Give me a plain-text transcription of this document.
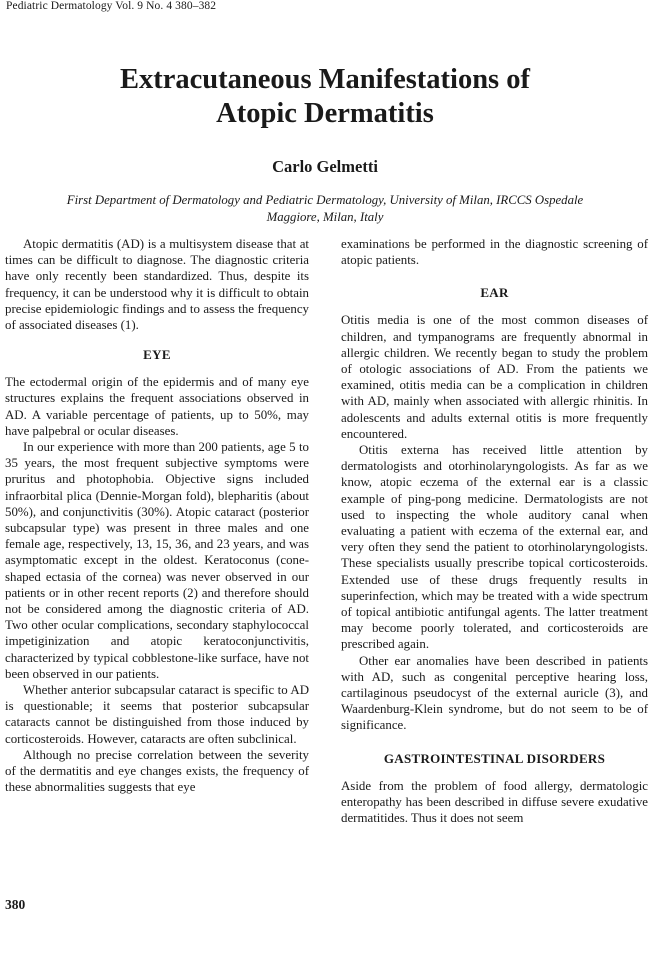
Pediatric Dermatology Vol. 9 No. 4 380–382
Extracutaneous Manifestations of
Atopic Dermatitis
Carlo Gelmetti
First Department of Dermatology and Pediatric Dermatology, University of Milan, IRCCS Ospedale
Maggiore, Milan, Italy

Atopic dermatitis (AD) is a multisystem disease that at times can be difficult to diagnose. The diagnostic criteria have only recently been standardized. Thus, despite its frequency, it can be understood why it is difficult to obtain precise epidemiologic findings and to assess the frequency of associated diseases (1).

EYE

The ectodermal origin of the epidermis and of many eye structures explains the frequent associations observed in AD. A variable percentage of patients, up to 50%, may have palpebral or ocular diseases.

In our experience with more than 200 patients, age 5 to 35 years, the most frequent subjective symptoms were pruritus and photophobia. Objective signs included infraorbital plica (Dennie-Morgan fold), blepharitis (about 50%), and conjunctivitis (30%). Atopic cataract (posterior subcapsular type) was present in three males and one female age, respectively, 13, 15, 36, and 23 years, and was asymptomatic except in the oldest. Keratoconus (cone-shaped ectasia of the cornea) was never observed in our patients or in other recent reports (2) and therefore should not be considered among the diagnostic criteria of AD. Two other ocular complications, secondary staphylococcal impetiginization and atopic keratoconjunctivitis, characterized by typical cobblestone-like surface, have not been observed in our patients.

Whether anterior subcapsular cataract is specific to AD is questionable; it seems that posterior subcapsular cataracts cannot be distinguished from those induced by corticosteroids. However, cataracts are often subclinical.

Although no precise correlation between the severity of the dermatitis and eye changes exists, the frequency of these abnormalities suggests that eye

examinations be performed in the diagnostic screening of atopic patients.

EAR

Otitis media is one of the most common diseases of children, and tympanograms are frequently abnormal in allergic children. We recently began to study the problem of otologic associations of AD. From the patients we examined, otitis media can be a complication in children with AD, mainly when associated with allergic rhinitis. In adolescents and adults external otitis is more frequently encountered.

Otitis externa has received little attention by dermatologists and otorhinolaryngologists. As far as we know, atopic eczema of the external ear is a classic example of ping-pong medicine. Dermatologists are not used to inspecting the whole auditory canal when evaluating a patient with eczema of the external ear, and very often they send the patient to otorhinolaryngologists. These specialists usually prescribe topical corticosteroids. Extended use of these drugs frequently results in superinfection, which may be treated with a wide spectrum of topical antibiotic antifungal agents. The latter treatment may become poorly tolerated, and corticosteroids are prescribed again.

Other ear anomalies have been described in patients with AD, such as congenital perceptive hearing loss, cartilaginous pseudocyst of the external auricle (3), and Waardenburg-Klein syndrome, but do not seem to be of significance.

GASTROINTESTINAL DISORDERS

Aside from the problem of food allergy, dermatologic enteropathy has been described in diffuse severe exudative dermatitides. Thus it does not seem

380
